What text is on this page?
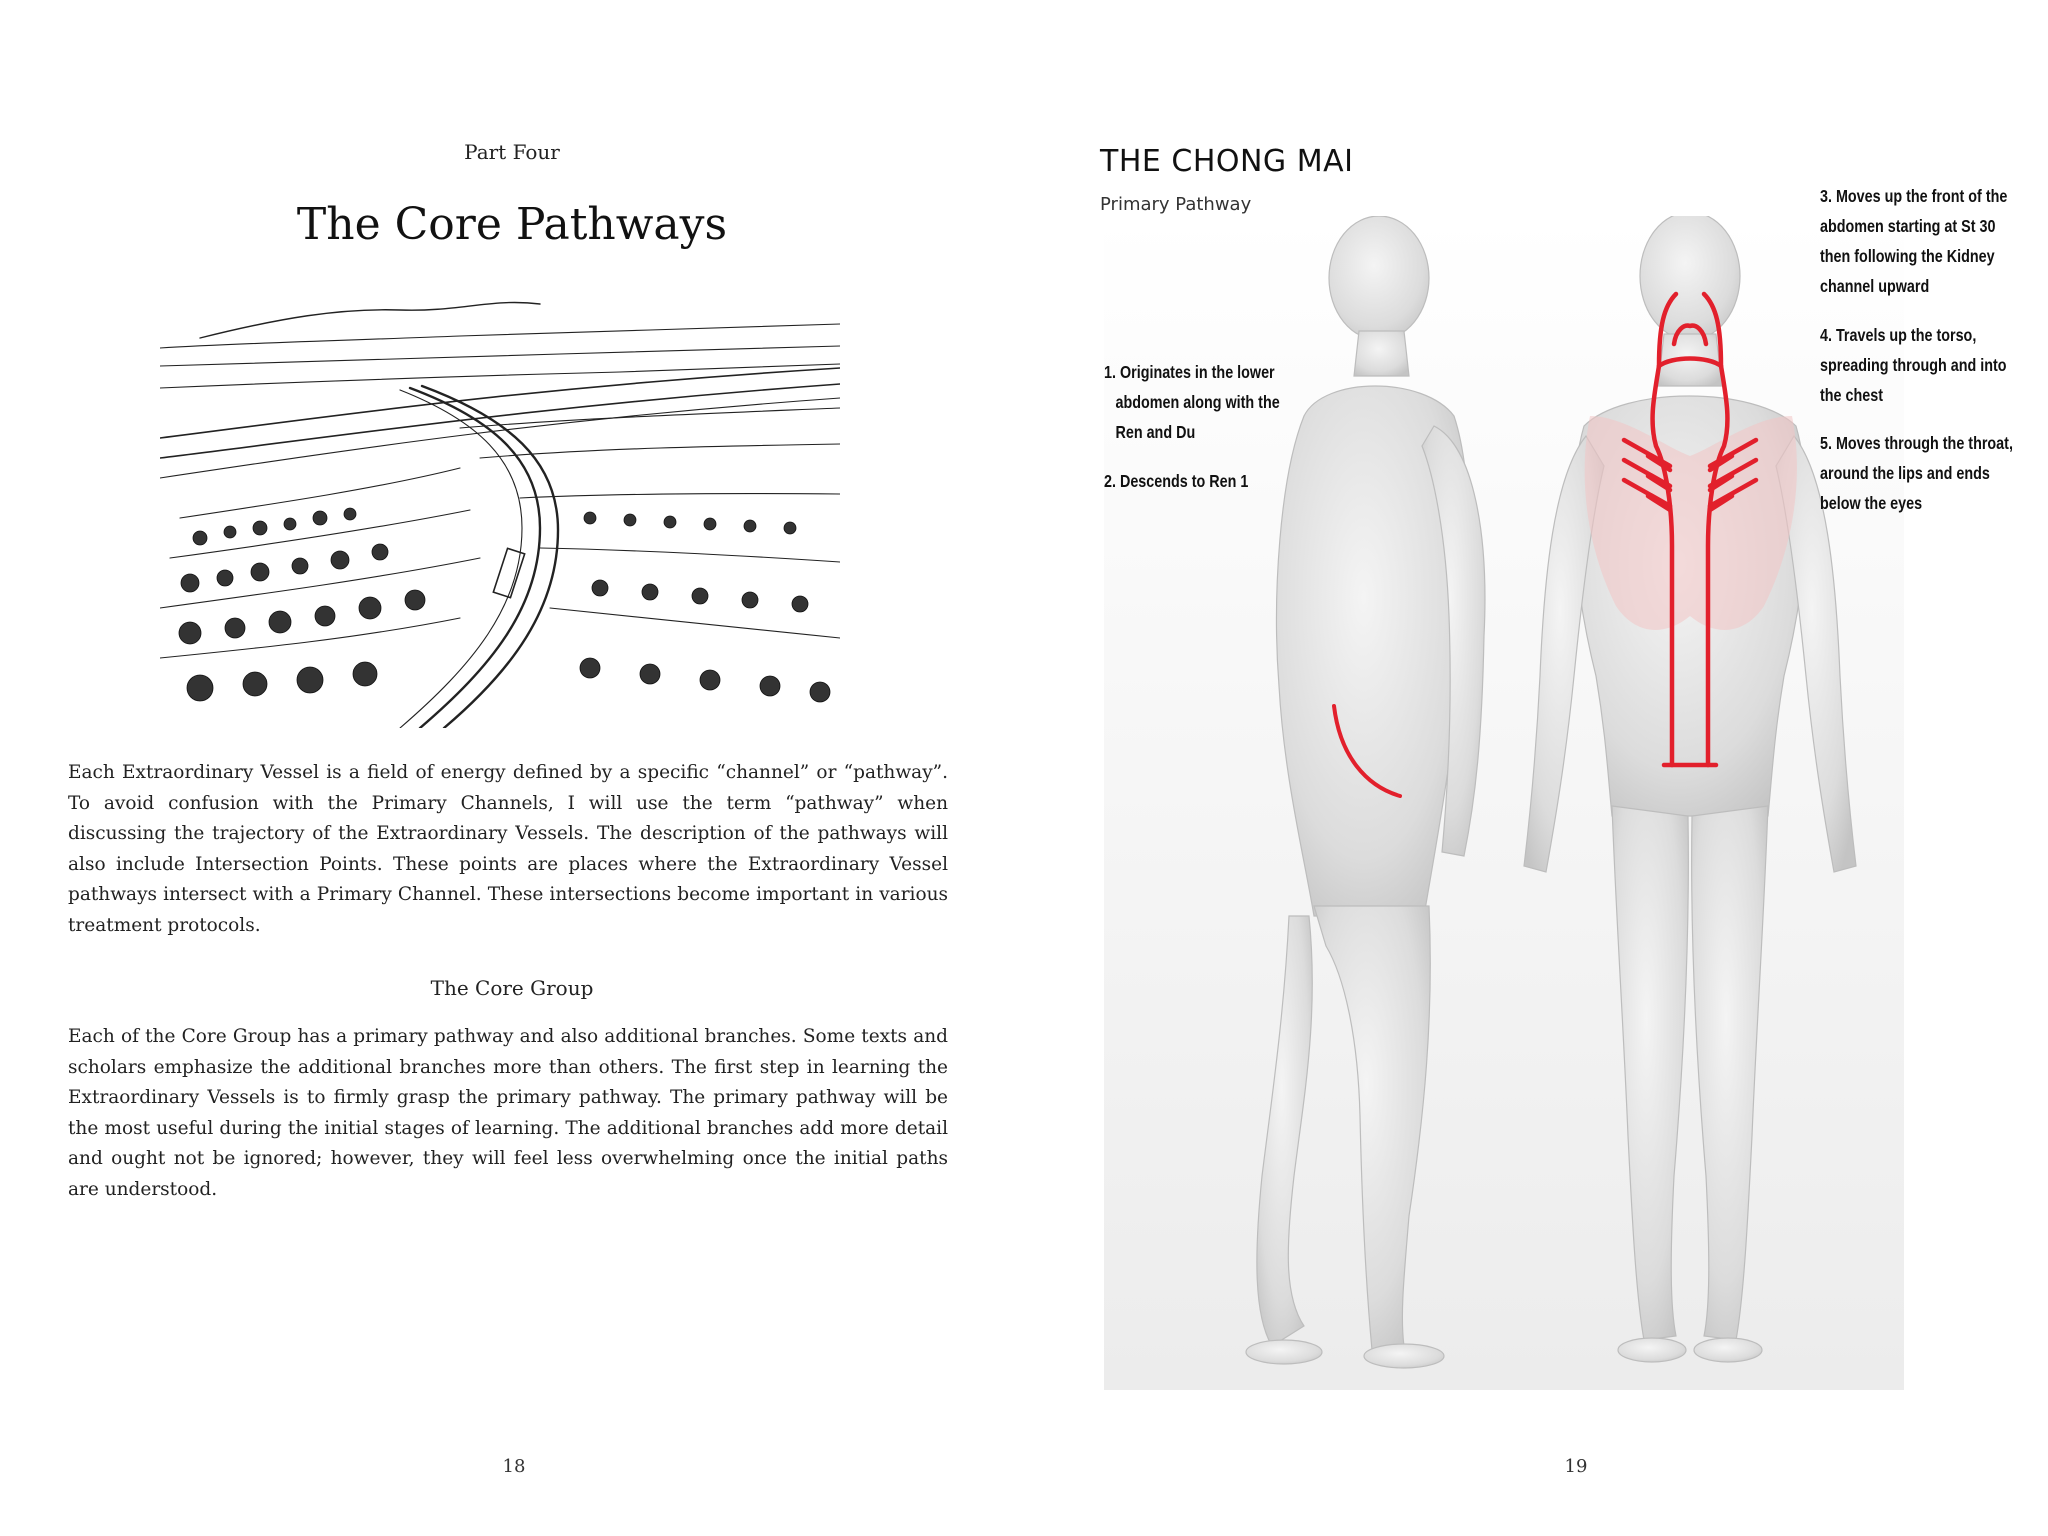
Part Four
The Core Pathways

Each Extraordinary Vessel is a field of energy defined by a specific “channel” or “pathway”. To avoid confusion with the Primary Channels, I will use the term “pathway” when discussing the trajectory of the Extraordinary Vessels. The description of the pathways will also include Intersection Points. These points are places where the Extraordinary Vessel pathways intersect with a Primary Channel. These intersections become important in various treatment protocols.

The Core Group

Each of the Core Group has a primary pathway and also additional branches. Some texts and scholars emphasize the additional branches more than others. The first step in learning the Extraordinary Vessels is to firmly grasp the primary pathway. The primary pathway will be the most useful during the initial stages of learning. The additional branches add more detail and ought not be ignored; however, they will feel less overwhelming once the initial paths are understood.

18
THE CHONG MAI
Primary Pathway

1. Originates in the lower abdomen along with the Ren and Du

2. Descends to Ren 1

3. Moves up the front of the abdomen starting at St 30 then following the Kidney channel upward

4. Travels up the torso, spreading through and into the chest

5. Moves through the throat, around the lips and ends below the eyes

19
